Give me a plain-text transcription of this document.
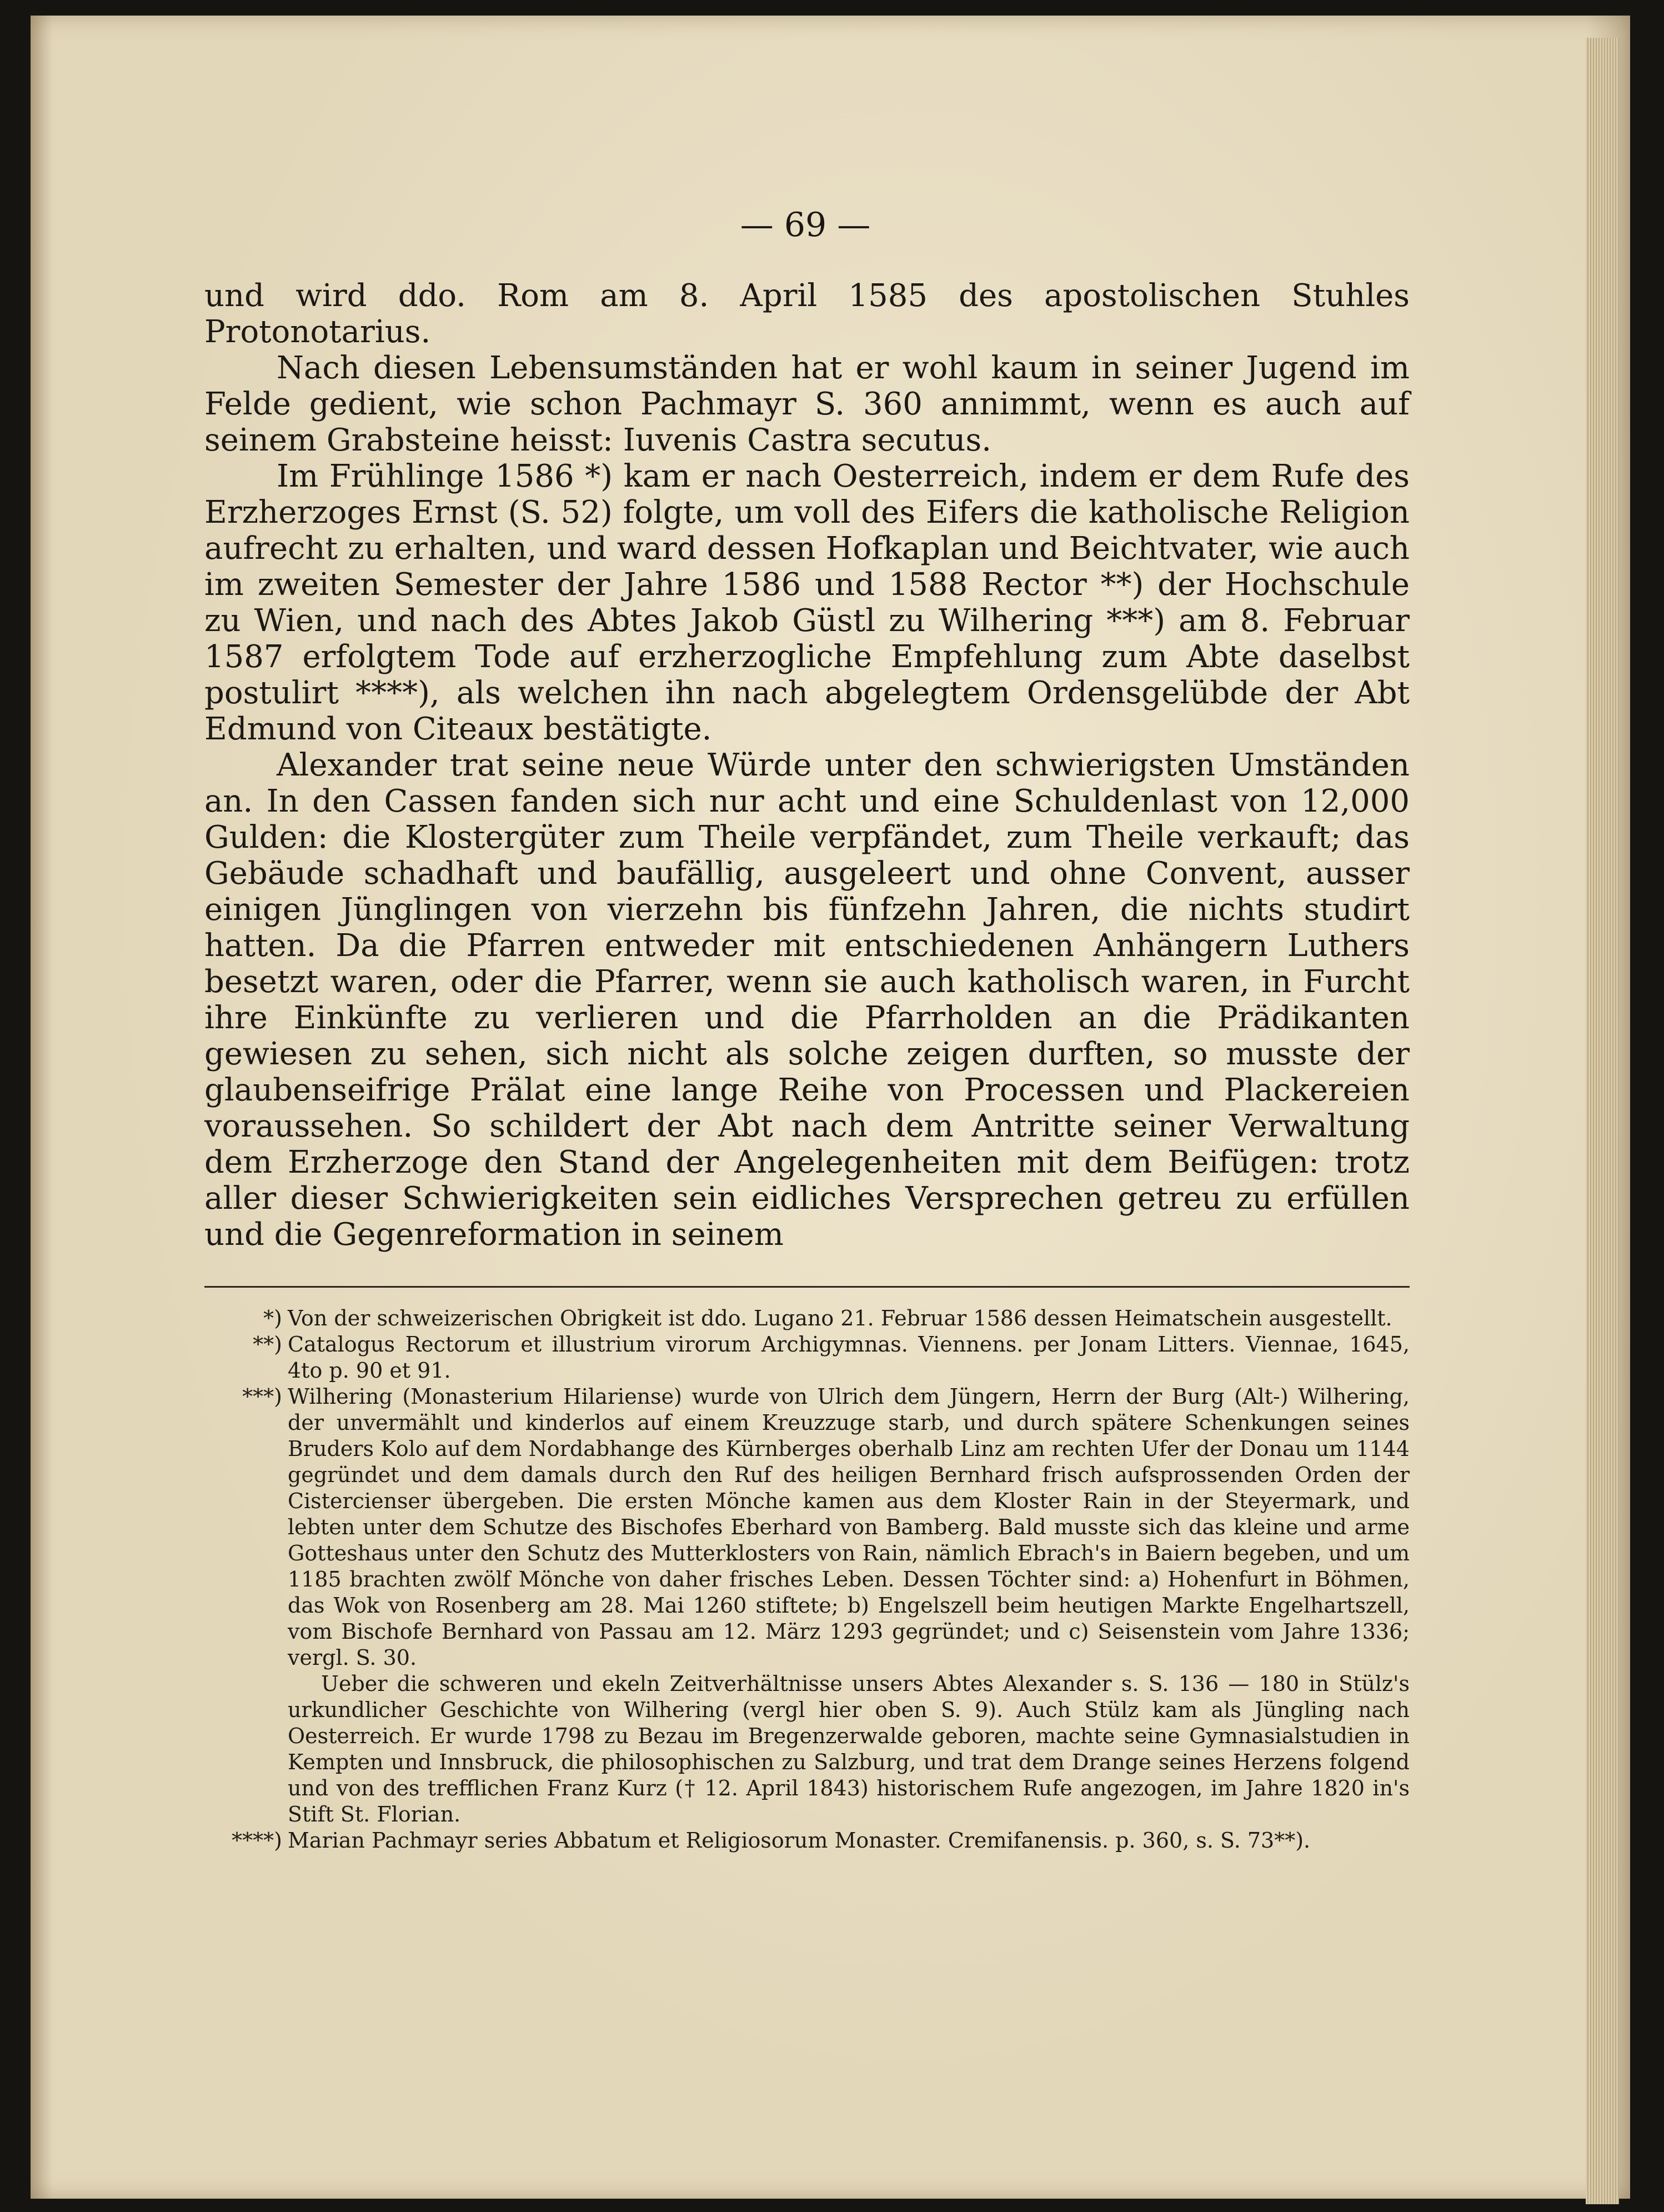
— 69 —

und wird ddo. Rom am 8. April 1585 des apostolischen Stuhles Protonotarius.

Nach diesen Lebensumständen hat er wohl kaum in seiner Jugend im Felde gedient, wie schon Pachmayr S. 360 annimmt, wenn es auch auf seinem Grabsteine heisst: Iuvenis Castra secutus.

Im Frühlinge 1586 *) kam er nach Oesterreich, indem er dem Rufe des Erzherzoges Ernst (S. 52) folgte, um voll des Eifers die katholische Religion aufrecht zu erhalten, und ward dessen Hofkaplan und Beichtvater, wie auch im zweiten Semester der Jahre 1586 und 1588 Rector **) der Hochschule zu Wien, und nach des Abtes Jakob Güstl zu Wilhering ***) am 8. Februar 1587 erfolgtem Tode auf erzherzogliche Empfehlung zum Abte daselbst postulirt ****), als welchen ihn nach abgelegtem Ordensgelübde der Abt Edmund von Citeaux bestätigte.

Alexander trat seine neue Würde unter den schwierigsten Umständen an. In den Cassen fanden sich nur acht und eine Schuldenlast von 12,000 Gulden: die Klostergüter zum Theile verpfändet, zum Theile verkauft; das Gebäude schadhaft und baufällig, ausgeleert und ohne Convent, ausser einigen Jünglingen von vierzehn bis fünfzehn Jahren, die nichts studirt hatten. Da die Pfarren entweder mit entschiedenen Anhängern Luthers besetzt waren, oder die Pfarrer, wenn sie auch katholisch waren, in Furcht ihre Einkünfte zu verlieren und die Pfarrholden an die Prädikanten gewiesen zu sehen, sich nicht als solche zeigen durften, so musste der glaubenseifrige Prälat eine lange Reihe von Processen und Plackereien voraussehen. So schildert der Abt nach dem Antritte seiner Verwaltung dem Erzherzoge den Stand der Angelegenheiten mit dem Beifügen: trotz aller dieser Schwierigkeiten sein eidliches Versprechen getreu zu erfüllen und die Gegenreformation in seinem

*) Von der schweizerischen Obrigkeit ist ddo. Lugano 21. Februar 1586 dessen Heimatschein ausgestellt.

**) Catalogus Rectorum et illustrium virorum Archigymnas. Viennens. per Jonam Litters. Viennae, 1645, 4to p. 90 et 91.

***) Wilhering (Monasterium Hilariense) wurde von Ulrich dem Jüngern, Herrn der Burg (Alt-) Wilhering, der unvermählt und kinderlos auf einem Kreuzzuge starb, und durch spätere Schenkungen seines Bruders Kolo auf dem Nordabhange des Kürnberges oberhalb Linz am rechten Ufer der Donau um 1144 gegründet und dem damals durch den Ruf des heiligen Bernhard frisch aufsprossenden Orden der Cistercienser übergeben. Die ersten Mönche kamen aus dem Kloster Rain in der Steyermark, und lebten unter dem Schutze des Bischofes Eberhard von Bamberg. Bald musste sich das kleine und arme Gotteshaus unter den Schutz des Mutterklosters von Rain, nämlich Ebrach's in Baiern begeben, und um 1185 brachten zwölf Mönche von daher frisches Leben. Dessen Töchter sind: a) Hohenfurt in Böhmen, das Wok von Rosenberg am 28. Mai 1260 stiftete; b) Engelszell beim heutigen Markte Engelhartszell, vom Bischofe Bernhard von Passau am 12. März 1293 gegründet; und c) Seisenstein vom Jahre 1336; vergl. S. 30.

Ueber die schweren und ekeln Zeitverhältnisse unsers Abtes Alexander s. S. 136 — 180 in Stülz's urkundlicher Geschichte von Wilhering (vergl hier oben S. 9). Auch Stülz kam als Jüngling nach Oesterreich. Er wurde 1798 zu Bezau im Bregenzerwalde geboren, machte seine Gymnasialstudien in Kempten und Innsbruck, die philosophischen zu Salzburg, und trat dem Drange seines Herzens folgend und von des trefflichen Franz Kurz († 12. April 1843) historischem Rufe angezogen, im Jahre 1820 in's Stift St. Florian.

****) Marian Pachmayr series Abbatum et Religiosorum Monaster. Cremifanensis. p. 360, s. S. 73**).
